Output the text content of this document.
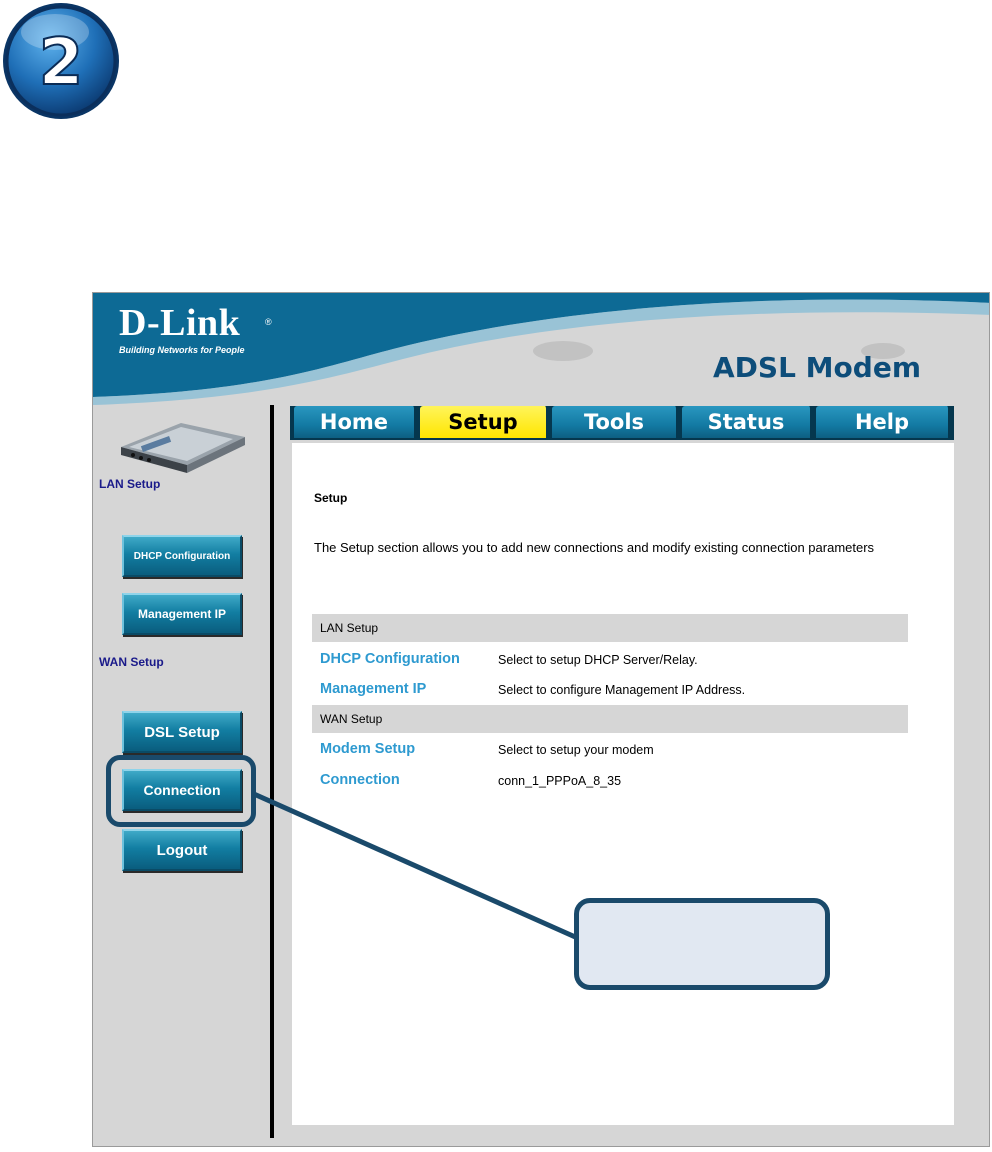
2
D-Link	®
Building Networks for People
ADSL Modem
LAN Setup
DHCP Configuration
Management IP
WAN Setup
DSL Setup
Connection
Logout
Home	Setup	Tools	Status	Help
Setup
The Setup section allows you to add new connections and modify existing connection parameters
LAN Setup
DHCP Configuration	Select to setup DHCP Server/Relay.
Management IP	Select to configure Management IP Address.
WAN Setup
Modem Setup	Select to setup your modem
Connection	conn_1_PPPoA_8_35
